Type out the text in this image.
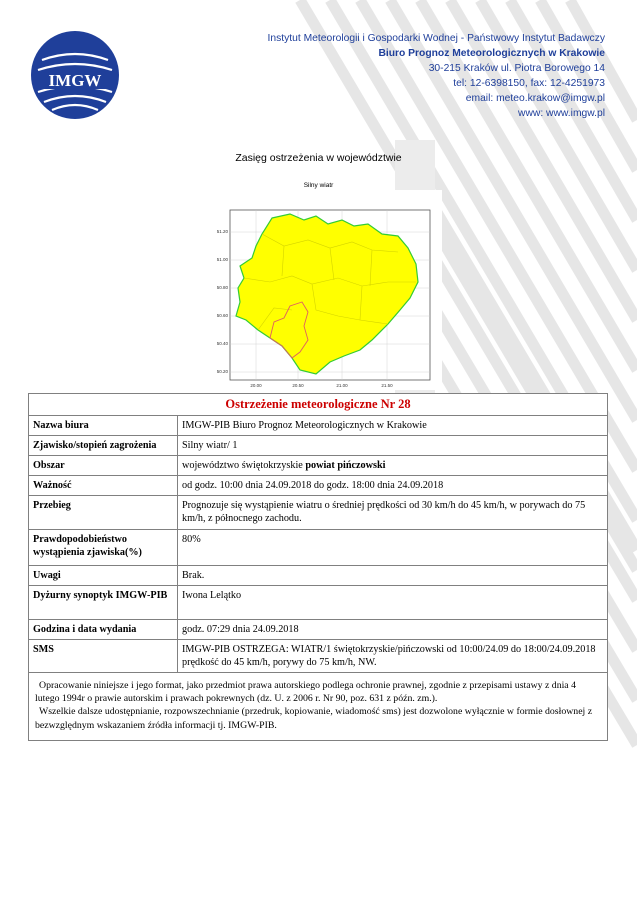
IMGW
Instytut Meteorologii i Gospodarki Wodnej - Państwowy Instytut Badawczy
Biuro Prognoz Meteorologicznych w Krakowie
30-215 Kraków ul. Piotra Borowego 14
tel: 12-6398150, fax: 12-4251973
email: meteo.krakow@imgw.pl
www: www.imgw.pl
Zasięg ostrzeżenia w województwie
Silny wiatr
51.20
51.00
50.80
50.60
50.40
50.20
20.00	20.50	21.00	21.50
Ostrzeżenie meteorologiczne Nr 28	
Nazwa biura	IMGW-PIB Biuro Prognoz Meteorologicznych w Krakowie
Zjawisko/stopień zagrożenia	Silny wiatr/ 1
Obszar	województwo świętokrzyskie powiat pińczowski
Ważność	od godz. 10:00 dnia 24.09.2018 do godz. 18:00 dnia 24.09.2018
Przebieg	Prognozuje się wystąpienie wiatru o średniej prędkości od 30 km/h do 45 km/h, w porywach do 75 km/h, z północnego zachodu.
Prawdopodobieństwo wystąpienia zjawiska(%)	80%
Uwagi	Brak.
Dyżurny synoptyk IMGW-PIB	Iwona Lelątko
Godzina i data wydania	godz. 07:29 dnia 24.09.2018
SMS	IMGW-PIB OSTRZEGA: WIATR/1 świętokrzyskie/pińczowski od 10:00/24.09 do 18:00/24.09.2018 prędkość do 45 km/h, porywy do 75 km/h, NW.

Opracowanie niniejsze i jego format, jako przedmiot prawa autorskiego podlega ochronie prawnej, zgodnie z przepisami ustawy z dnia 4 lutego 1994r o prawie autorskim i prawach pokrewnych (dz. U. z 2006 r. Nr 90, poz. 631 z późn. zm.).
Wszelkie dalsze udostępnianie, rozpowszechnianie (przedruk, kopiowanie, wiadomość sms) jest dozwolone wyłącznie w formie dosłownej z bezwzględnym wskazaniem źródła informacji tj. IMGW-PIB.	
